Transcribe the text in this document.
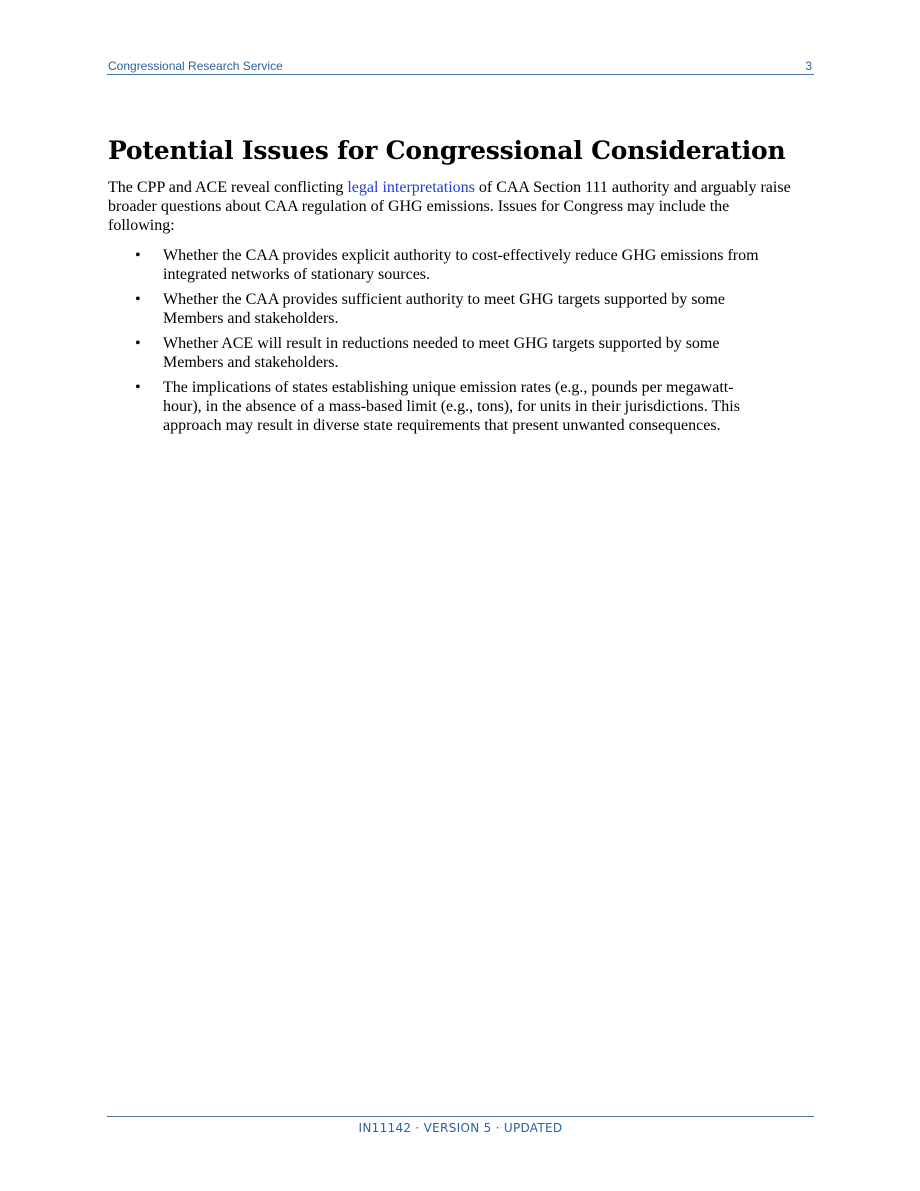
Congressional Research Service	3
Potential Issues for Congressional Consideration

The CPP and ACE reveal conflicting legal interpretations of CAA Section 111 authority and arguably raise broader questions about CAA regulation of GHG emissions. Issues for Congress may include the following:

• Whether the CAA provides explicit authority to cost-effectively reduce GHG emissions from integrated networks of stationary sources.
• Whether the CAA provides sufficient authority to meet GHG targets supported by some Members and stakeholders.
• Whether ACE will result in reductions needed to meet GHG targets supported by some Members and stakeholders.
• The implications of states establishing unique emission rates (e.g., pounds per megawatt-hour), in the absence of a mass-based limit (e.g., tons), for units in their jurisdictions. This approach may result in diverse state requirements that present unwanted consequences.
IN11142 · VERSION 5 · UPDATED
